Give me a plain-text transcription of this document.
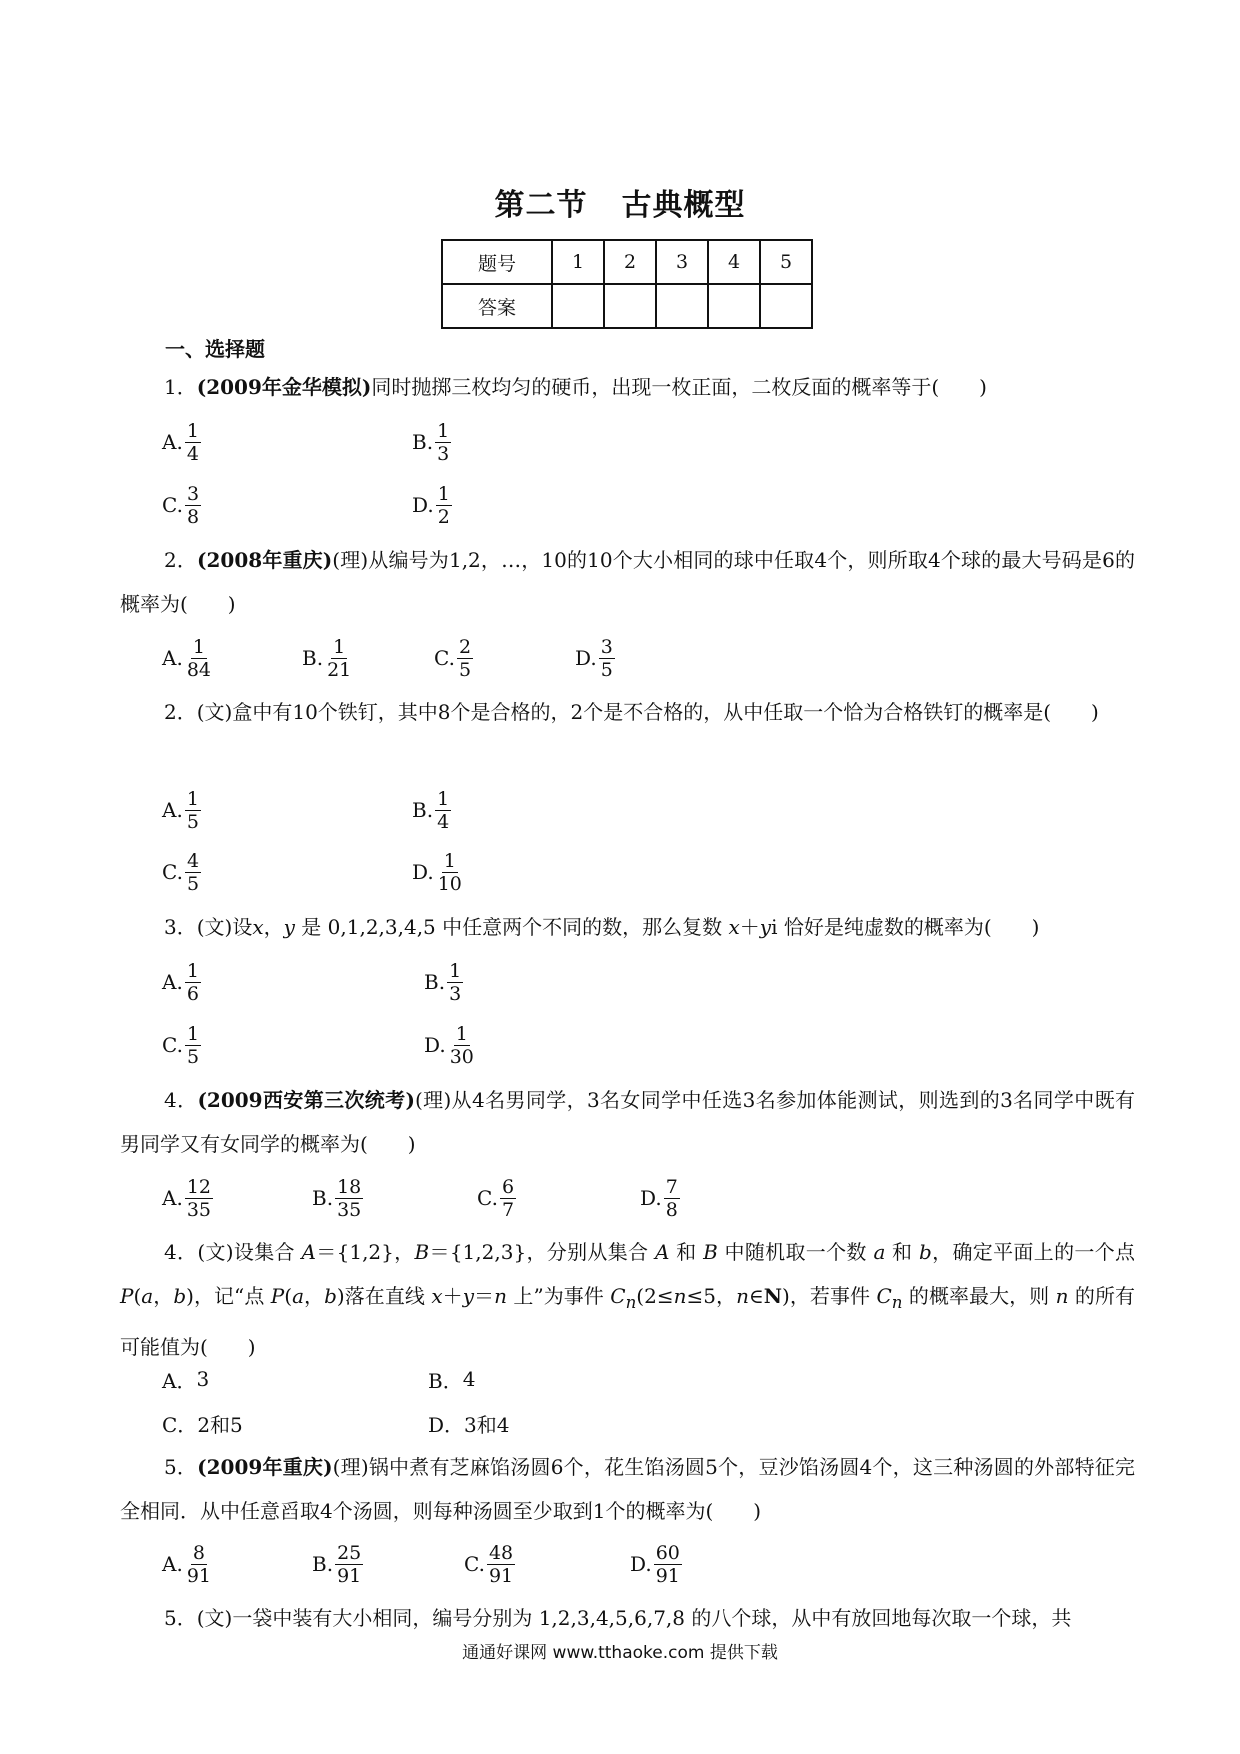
第二节 古典概型
题号	1	2	3	4	5
答案					
一、选择题
1．(2009年金华模拟)同时抛掷三枚均匀的硬币，出现一枚正面，二枚反面的概率等于(　　)
A. $\frac{1}{4}$	B. $\frac{1}{3}$
C. $\frac{3}{8}$	D. $\frac{1}{2}$
2．(2008年重庆)(理)从编号为1,2，…，10的10个大小相同的球中任取4个，则所取4个球的最大号码是6的概率为(　　)
A. $\frac{1}{84}$	B. $\frac{1}{21}$	C. $\frac{2}{5}$	D. $\frac{3}{5}$
2．(文)盒中有10个铁钉，其中8个是合格的，2个是不合格的，从中任取一个恰为合格铁钉的概率是(　　)
A. $\frac{1}{5}$	B. $\frac{1}{4}$
C. $\frac{4}{5}$	D. $\frac{1}{10}$
3．(文)设x，y 是 0,1,2,3,4,5 中任意两个不同的数，那么复数 x＋yi 恰好是纯虚数的概率为(　　)
A. $\frac{1}{6}$	B. $\frac{1}{3}$
C. $\frac{1}{5}$	D. $\frac{1}{30}$
4．(2009西安第三次统考)(理)从4名男同学，3名女同学中任选3名参加体能测试，则选到的3名同学中既有男同学又有女同学的概率为(　　)
A. $\frac{12}{35}$	B. $\frac{18}{35}$	C. $\frac{6}{7}$	D. $\frac{7}{8}$
4．(文)设集合 A＝{1,2}，B＝{1,2,3}，分别从集合 A 和 B 中随机取一个数 a 和 b，确定平面上的一个点 P(a，b)，记“点 P(a，b)落在直线 x＋y＝n 上”为事件 $C_n(2\le n\le 5$，n∈N)，若事件 $C_n$ 的概率最大，则 n 的所有可能值为(　　)
A． 3	B． 4
C． 2和5	D． 3和4
5．(2009年重庆)(理)锅中煮有芝麻馅汤圆6个，花生馅汤圆5个，豆沙馅汤圆4个，这三种汤圆的外部特征完全相同．从中任意舀取4个汤圆，则每种汤圆至少取到1个的概率为(　　)
A. $\frac{8}{91}$	B. $\frac{25}{91}$	C. $\frac{48}{91}$	D. $\frac{60}{91}$
5．(文)一袋中装有大小相同，编号分别为 1,2,3,4,5,6,7,8 的八个球，从中有放回地每次取一个球，共
通通好课网 www.tthaoke.com 提供下载
